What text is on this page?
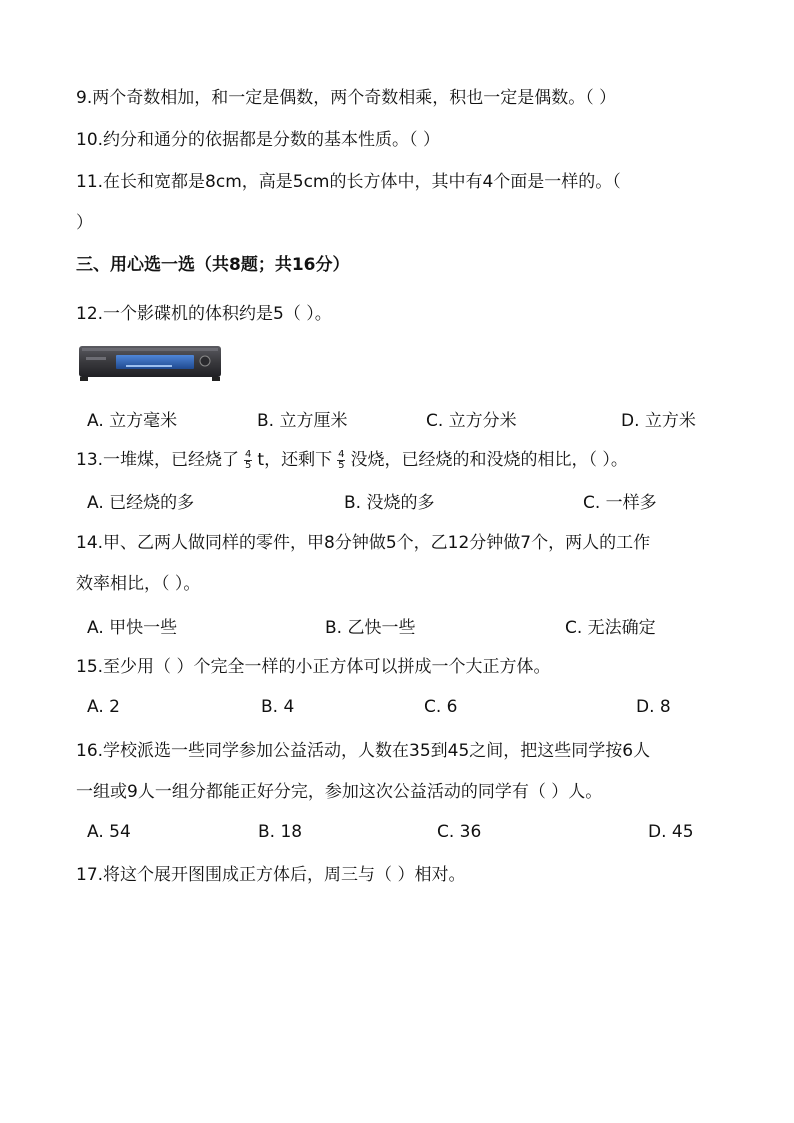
9.两个奇数相加，和一定是偶数，两个奇数相乘，积也一定是偶数。（ ）
10.约分和通分的依据都是分数的基本性质。（ ）
11.在长和宽都是8cm，高是5cm的长方体中，其中有4个面是一样的。（
）
三、用心选一选（共8题；共16分）
12.一个影碟机的体积约是5（ ）。
A. 立方毫米	B. 立方厘米	C. 立方分米	D. 立方米
13.一堆煤，已经烧了 $\frac{4}{5}$ t，还剩下 $\frac{4}{5}$ 没烧，已经烧的和没烧的相比，（ ）。
A. 已经烧的多	B. 没烧的多	C. 一样多
14.甲、乙两人做同样的零件，甲8分钟做5个，乙12分钟做7个，两人的工作
效率相比，（ ）。
A. 甲快一些	B. 乙快一些	C. 无法确定
15.至少用（ ）个完全一样的小正方体可以拼成一个大正方体。
A. 2	B. 4	C. 6	D. 8
16.学校派选一些同学参加公益活动，人数在35到45之间，把这些同学按6人
一组或9人一组分都能正好分完，参加这次公益活动的同学有（ ）人。
A. 54	B. 18	C. 36	D. 45
17.将这个展开图围成正方体后，周三与（ ）相对。
